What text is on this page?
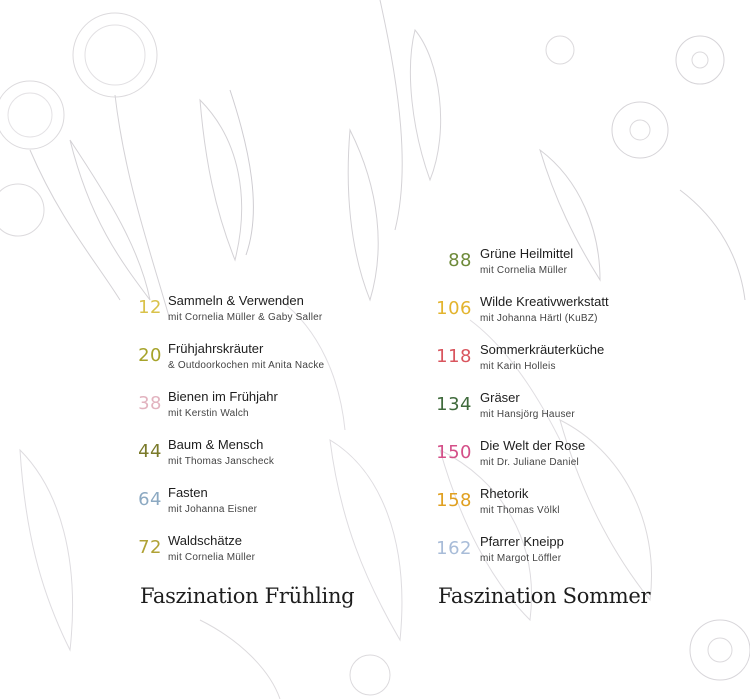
12 Sammeln & Verwenden
mit Cornelia Müller & Gaby Saller
20 Frühjahrskräuter
& Outdoorkochen mit Anita Nacke
38 Bienen im Frühjahr
mit Kerstin Walch
44 Baum & Mensch
mit Thomas Janscheck
64 Fasten
mit Johanna Eisner
72 Waldschätze
mit Cornelia Müller
88 Grüne Heilmittel
mit Cornelia Müller
106 Wilde Kreativwerkstatt
mit Johanna Härtl (KuBZ)
118 Sommerkräuterküche
mit Karin Holleis
134 Gräser
mit Hansjörg Hauser
150 Die Welt der Rose
mit Dr. Juliane Daniel
158 Rhetorik
mit Thomas Völkl
162 Pfarrer Kneipp
mit Margot Löffler
Faszination Frühling	Faszination Sommer
